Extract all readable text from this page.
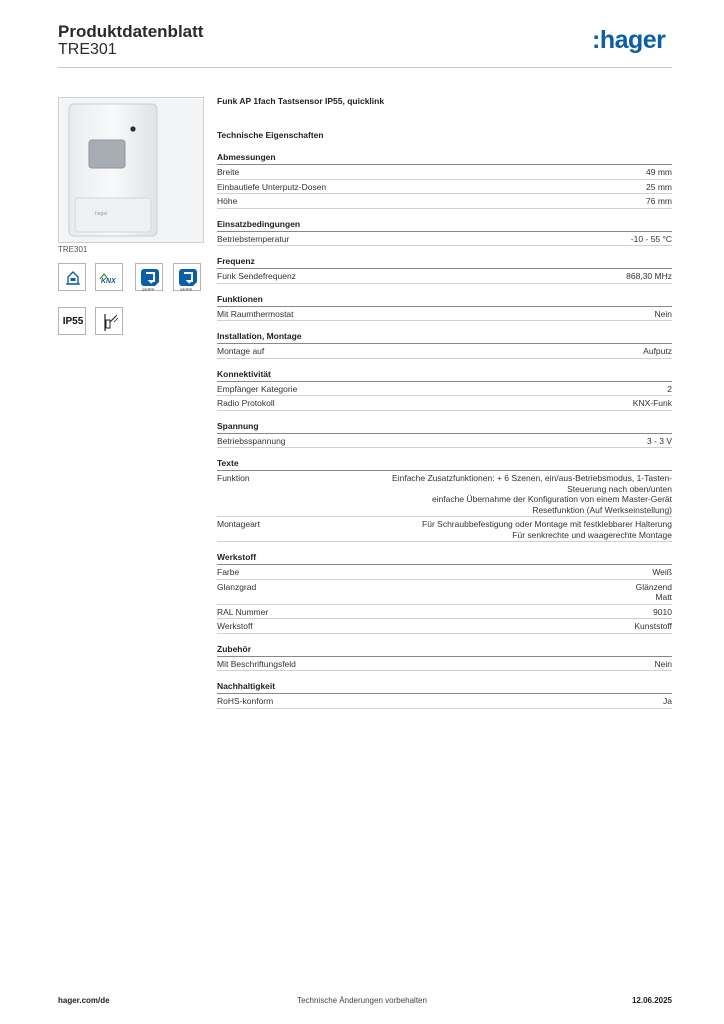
Produktdatenblatt
TRE301	:hager
hager
TRE301
KNX
quicklink	quicklink
IP55
Funk AP 1fach Tastsensor IP55, quicklink
Technische Eigenschaften
Abmessungen
Breite	49 mm
Einbautiefe Unterputz-Dosen	25 mm
Höhe	76 mm
Einsatzbedingungen
Betriebstemperatur	-10 - 55 °C
Frequenz
Funk Sendefrequenz	868,30 MHz
Funktionen
Mit Raumthermostat	Nein
Installation, Montage
Montage auf	Aufputz
Konnektivität
Empfänger Kategorie	2
Radio Protokoll	KNX-Funk
Spannung
Betriebsspannung	3 - 3 V
Texte
Funktion	Einfache Zusatzfunktionen: + 6 Szenen, ein/aus-Betriebsmodus, 1-Tasten-
Steuerung nach oben/unten
einfache Übernahme der Konfiguration von einem Master-Gerät
Resetfunktion (Auf Werkseinstellung)
Montageart	Für Schraubbefestigung oder Montage mit festklebbarer Halterung
Für senkrechte und waagerechte Montage
Werkstoff
Farbe	Weiß
Glanzgrad	Glänzend
Matt
RAL Nummer	9010
Werkstoff	Kunststoff
Zubehör
Mit Beschriftungsfeld	Nein
Nachhaltigkeit
RoHS-konform	Ja
hager.com/de	Technische Änderungen vorbehalten	12.06.2025
